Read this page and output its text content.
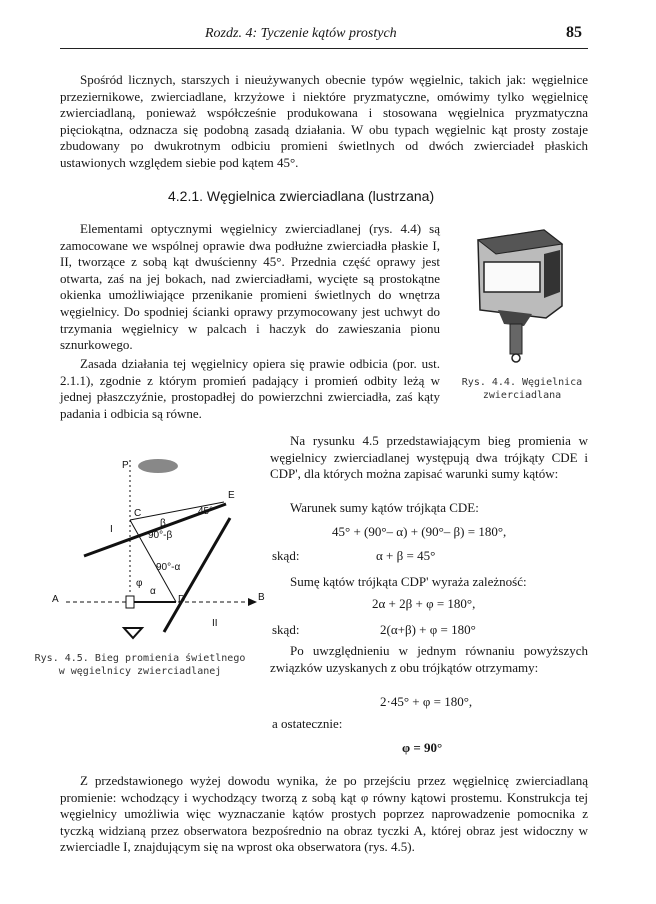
Rozdz. 4: Tyczenie kątów prostych	85

Spośród licznych, starszych i nieużywanych obecnie typów węgielnic, takich jak: węgielnice przeziernikowe, zwierciadlane, krzyżowe i niektóre pryzmatyczne, omówimy tylko węgielnicę zwierciadlaną, ponieważ współcześnie produkowana i stosowana węgielnica pryzmatyczna pięciokątna, odznacza się podobną zasadą działania. W obu typach węgielnic kąt prosty zostaje zbudowany po dwukrotnym odbiciu promieni świetlnych od dwóch zwierciadeł płaskich ustawionych względem siebie pod kątem 45°.

4.2.1. Węgielnica zwierciadlana (lustrzana)

Elementami optycznymi węgielnicy zwierciadlanej (rys. 4.4) są zamocowane we wspólnej oprawie dwa podłużne zwierciadła płaskie I, II, tworzące z sobą kąt dwuścienny 45°. Przednia część oprawy jest otwarta, zaś na jej bokach, nad zwierciadłami, wycięte są prostokątne okienka umożliwiające przenikanie promieni świetlnych do wnętrza węgielnicy. Do spodniej ścianki oprawy przymocowany jest uchwyt do trzymania węgielnicy w palcach i haczyk do zawieszania pionu sznurkowego.

Zasada działania tej węgielnicy opiera się prawie odbicia (por. ust. 2.1.1), zgodnie z którym promień padający i promień odbity leżą w jednej płaszczyźnie, prostopadłej do powierzchni zwierciadła, zaś kąty padania i odbicia są równe.

Rys. 4.4. Węgielnica
zwierciadlana
A	B
C
D
E
P
I
II
45°
90°-β
90°-α
φ
α
β
Rys. 4.5. Bieg promienia świetlnego
w węgielnicy zwierciadlanej

Na rysunku 4.5 przedstawiającym bieg promienia w węgielnicy zwierciadlanej występują dwa trójkąty CDE i CDP', dla których można zapisać warunki sumy kątów:

Warunek sumy kątów trójkąta CDE:
45° + (90°– α) + (90°– β) = 180°,
skąd:	α + β = 45°
Sumę kątów trójkąta CDP' wyraża zależność:
2α + 2β + φ = 180°,
skąd:	2(α+β) + φ = 180°

Po uwzględnieniu w jednym równaniu powyższych związków uzyskanych z obu trójkątów otrzymamy:

2·45° + φ = 180°,
a ostatecznie:
φ = 90°

Z przedstawionego wyżej dowodu wynika, że po przejściu przez węgielnicę zwierciadlaną promienie: wchodzący i wychodzący tworzą z sobą kąt φ równy kątowi prostemu. Konstrukcja tej węgielnicy umożliwia więc wyznaczanie kątów prostych poprzez naprowadzenie pomocnika z tyczką widzianą przez obserwatora bezpośrednio na obraz tyczki A, której obraz jest widoczny w zwierciadle I, znajdującym się na wprost oka obserwatora (rys. 4.5).
